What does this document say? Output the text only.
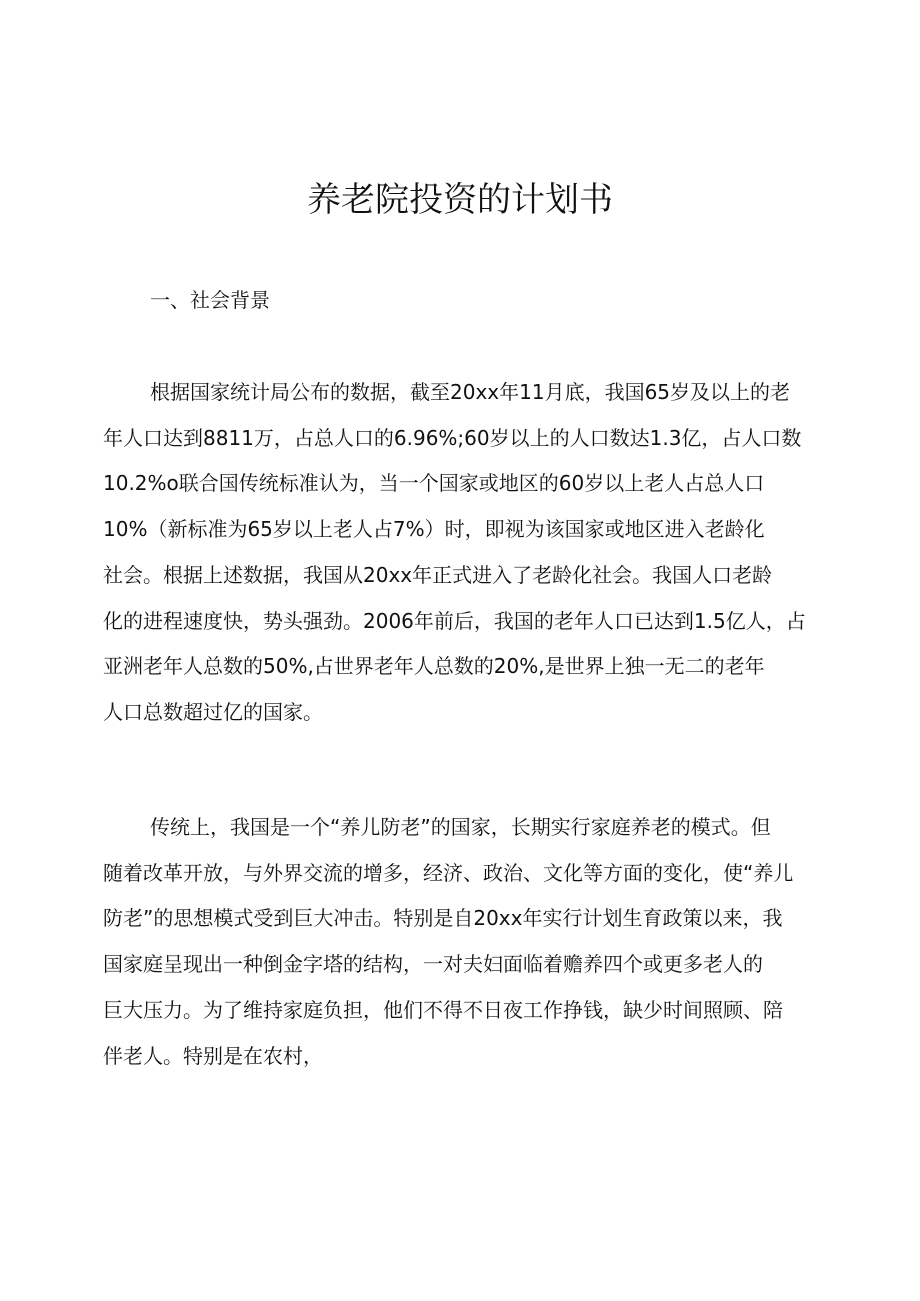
养老院投资的计划书

一、社会背景

根据国家统计局公布的数据，截至20xx年11月底，我国65岁及以上的老
年人口达到8811万，占总人口的6.96%;60岁以上的人口数达1.3亿，占人口数
10.2%o联合国传统标准认为，当一个国家或地区的60岁以上老人占总人口
10%（新标准为65岁以上老人占7%）时，即视为该国家或地区进入老龄化
社会。根据上述数据，我国从20xx年正式进入了老龄化社会。我国人口老龄
化的进程速度快，势头强劲。2006年前后，我国的老年人口已达到1.5亿人，占
亚洲老年人总数的50%,占世界老年人总数的20%,是世界上独一无二的老年
人口总数超过亿的国家。

传统上，我国是一个“养儿防老”的国家，长期实行家庭养老的模式。但
随着改革开放，与外界交流的增多，经济、政治、文化等方面的变化，使“养儿
防老”的思想模式受到巨大冲击。特别是自20xx年实行计划生育政策以来，我
国家庭呈现出一种倒金字塔的结构，一对夫妇面临着赡养四个或更多老人的
巨大压力。为了维持家庭负担，他们不得不日夜工作挣钱，缺少时间照顾、陪
伴老人。特别是在农村，
